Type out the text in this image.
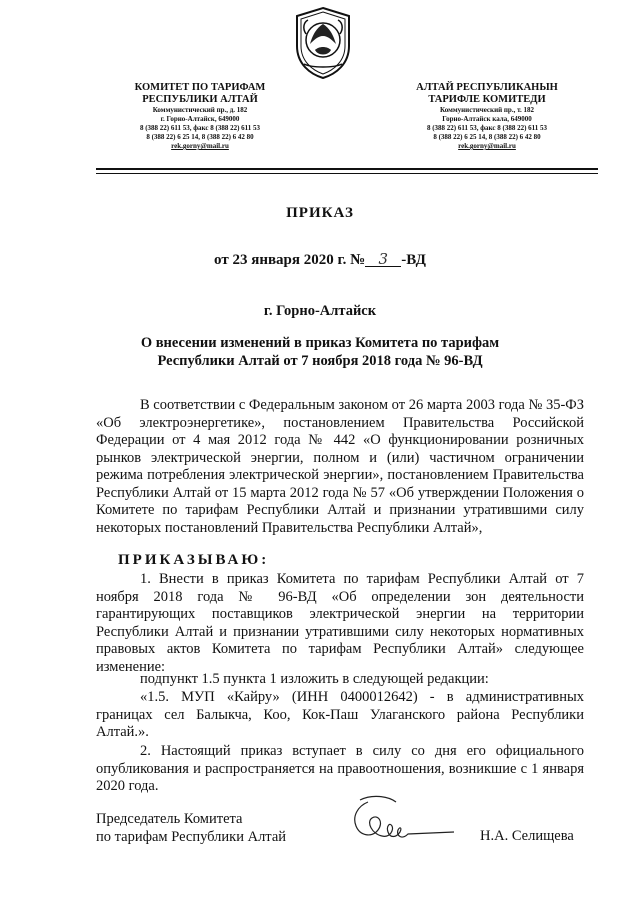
КОМИТЕТ ПО ТАРИФАМ
РЕСПУБЛИКИ АЛТАЙ
Коммунистический пр., д. 182
г. Горно-Алтайск, 649000
8 (388 22) 611 53, факс 8 (388 22) 611 53
8 (388 22) 6 25 14, 8 (388 22) 6 42 80
rek.gorny@mail.ru
АЛТАЙ РЕСПУБЛИКАНЫН
ТАРИФЛЕ КОМИТЕДИ
Коммунистический пр., т. 182
Горно-Алтайск кала, 649000
8 (388 22) 611 53, факс 8 (388 22) 611 53
8 (388 22) 6 25 14, 8 (388 22) 6 42 80
rek.gorny@mail.ru
ПРИКАЗ
от 23 января 2020 г. № 3 -ВД
г. Горно-Алтайск
О внесении изменений в приказ Комитета по тарифам Республики Алтай от 7 ноября 2018 года № 96-ВД

В соответствии с Федеральным законом от 26 марта 2003 года № 35-ФЗ «Об электроэнергетике», постановлением Правительства Российской Федерации от 4 мая 2012 года № 442 «О функционировании розничных рынков электрической энергии, полном и (или) частичном ограничении режима потребления электрической энергии», постановлением Правительства Республики Алтай от 15 марта 2012 года № 57 «Об утверждении Положения о Комитете по тарифам Республики Алтай и признании утратившими силу некоторых постановлений Правительства Республики Алтай»,

ПРИКАЗЫВАЮ:

1. Внести в приказ Комитета по тарифам Республики Алтай от 7 ноября 2018 года № 96-ВД «Об определении зон деятельности гарантирующих поставщиков электрической энергии на территории Республики Алтай и признании утратившими силу некоторых нормативных правовых актов Комитета по тарифам Республики Алтай» следующее изменение:

подпункт 1.5 пункта 1 изложить в следующей редакции:

«1.5. МУП «Кайру» (ИНН 0400012642) - в административных границах сел Балыкча, Коо, Кок-Паш Улаганского района Республики Алтай.».

2. Настоящий приказ вступает в силу со дня его официального опубликования и распространяется на правоотношения, возникшие с 1 января 2020 года.

Председатель Комитета
по тарифам Республики Алтай	Н.А. Селищева
